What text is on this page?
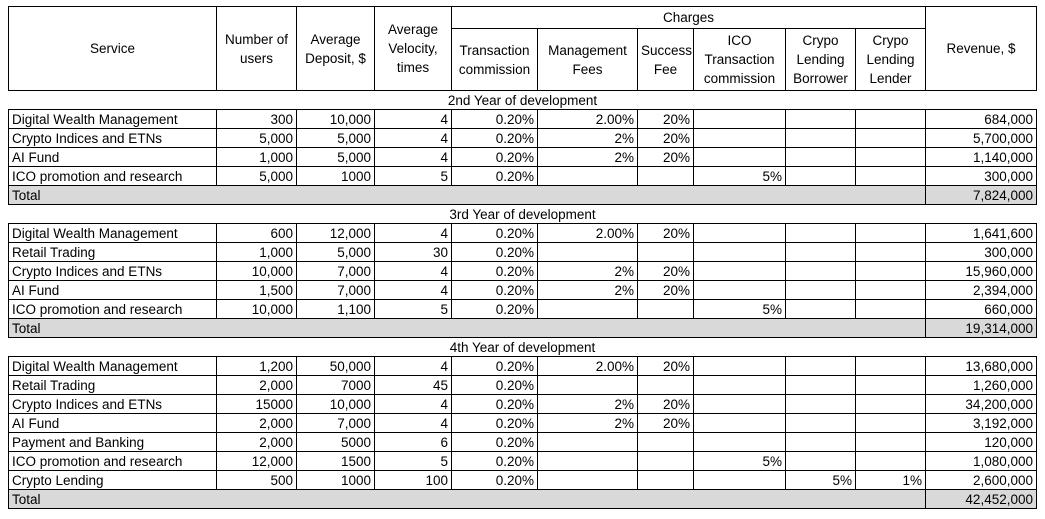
Service	Number of users	Average Deposit, $	Average Velocity, times	Charges						Revenue, $
				Transaction commission	Management Fees	Success Fee	ICO Transaction commission	Crypo Lending Borrower	Crypo Lending Lender	
2nd Year of development										
Digital Wealth Management	300	10,000	4	0.20%	2.00%	20%				684,000
Crypto Indices and ETNs	5,000	5,000	4	0.20%	2%	20%				5,700,000
AI Fund	1,000	5,000	4	0.20%	2%	20%				1,140,000
ICO promotion and research	5,000	1000	5	0.20%			5%			300,000
Total										7,824,000
3rd Year of development										
Digital Wealth Management	600	12,000	4	0.20%	2.00%	20%				1,641,600
Retail Trading	1,000	5,000	30	0.20%						300,000
Crypto Indices and ETNs	10,000	7,000	4	0.20%	2%	20%				15,960,000
AI Fund	1,500	7,000	4	0.20%	2%	20%				2,394,000
ICO promotion and research	10,000	1,100	5	0.20%			5%			660,000
Total										19,314,000
4th Year of development										
Digital Wealth Management	1,200	50,000	4	0.20%	2.00%	20%				13,680,000
Retail Trading	2,000	7000	45	0.20%						1,260,000
Crypto Indices and ETNs	15000	10,000	4	0.20%	2%	20%				34,200,000
AI Fund	2,000	7,000	4	0.20%	2%	20%				3,192,000
Payment and Banking	2,000	5000	6	0.20%						120,000
ICO promotion and research	12,000	1500	5	0.20%			5%			1,080,000
Crypto Lending	500	1000	100	0.20%				5%	1%	2,600,000
Total										42,452,000
